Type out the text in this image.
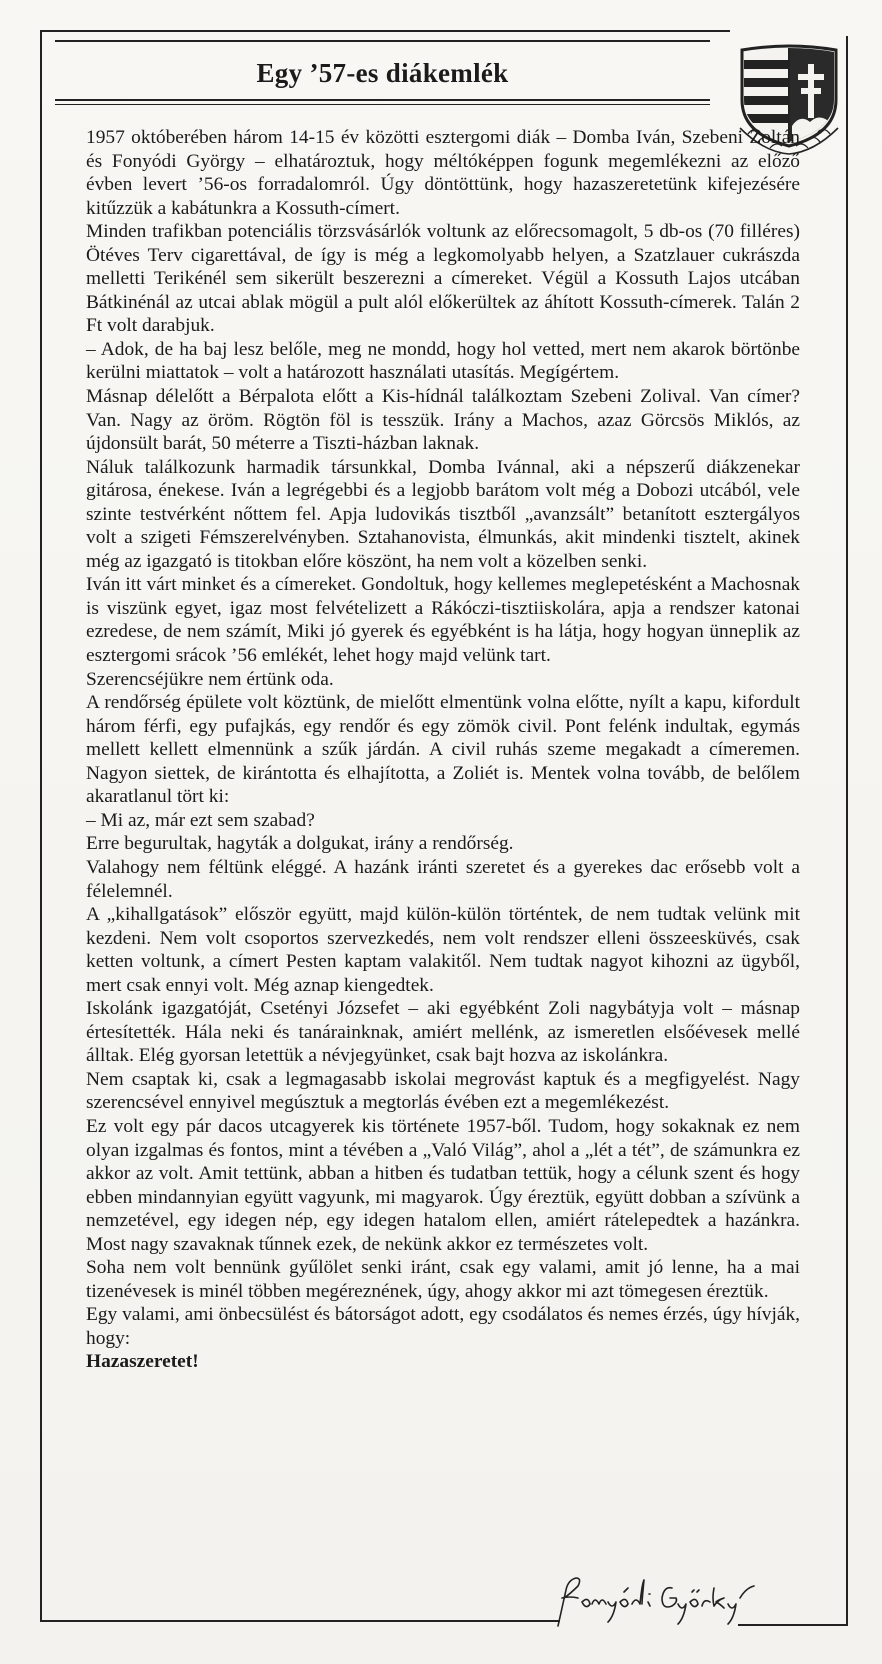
Egy ’57-es diákemlék

1957 októberében három 14-15 év közötti esztergomi diák – Domba Iván, Szebeni Zoltán és Fonyódi György – elhatároztuk, hogy méltóképpen fogunk megemlékezni az előző évben levert ’56-os forradalomról. Úgy döntöttünk, hogy hazaszeretetünk kifejezésére kitűzzük a kabátunkra a Kossuth-címert.

Minden trafikban potenciális törzsvásárlók voltunk az előrecsomagolt, 5 db-os (70 filléres) Ötéves Terv cigarettával, de így is még a legkomolyabb helyen, a Szatzlauer cukrászda melletti Terikénél sem sikerült beszerezni a címereket. Végül a Kossuth Lajos utcában Bátkinénál az utcai ablak mögül a pult alól előkerültek az áhított Kossuth-címerek. Talán 2 Ft volt darabjuk.

– Adok, de ha baj lesz belőle, meg ne mondd, hogy hol vetted, mert nem akarok börtönbe kerülni miattatok – volt a határozott használati utasítás. Megígértem.

Másnap délelőtt a Bérpalota előtt a Kis-hídnál találkoztam Szebeni Zolival. Van címer? Van. Nagy az öröm. Rögtön föl is tesszük. Irány a Machos, azaz Görcsös Miklós, az újdonsült barát, 50 méterre a Tiszti-házban laknak.

Náluk találkozunk harmadik társunkkal, Domba Ivánnal, aki a népszerű diákzenekar gitárosa, énekese. Iván a legrégebbi és a legjobb barátom volt még a Dobozi utcából, vele szinte testvérként nőttem fel. Apja ludovikás tisztből „avanzsált” betanított esztergályos volt a szigeti Fémszerelvényben. Sztahanovista, élmunkás, akit mindenki tisztelt, akinek még az igazgató is titokban előre köszönt, ha nem volt a közelben senki.

Iván itt várt minket és a címereket. Gondoltuk, hogy kellemes meglepetésként a Machosnak is viszünk egyet, igaz most felvételizett a Rákóczi-tisztiiskolára, apja a rendszer katonai ezredese, de nem számít, Miki jó gyerek és egyébként is ha látja, hogy hogyan ünneplik az esztergomi srácok ’56 emlékét, lehet hogy majd velünk tart.

Szerencséjükre nem értünk oda.

A rendőrség épülete volt köztünk, de mielőtt elmentünk volna előtte, nyílt a kapu, kifordult három férfi, egy pufajkás, egy rendőr és egy zömök civil. Pont felénk indultak, egymás mellett kellett elmennünk a szűk járdán. A civil ruhás szeme megakadt a címeremen. Nagyon siettek, de kirántotta és elhajította, a Zoliét is. Mentek volna tovább, de belőlem akaratlanul tört ki:

– Mi az, már ezt sem szabad?

Erre begurultak, hagyták a dolgukat, irány a rendőrség.

Valahogy nem féltünk eléggé. A hazánk iránti szeretet és a gyerekes dac erősebb volt a félelemnél.

A „kihallgatások” először együtt, majd külön-külön történtek, de nem tudtak velünk mit kezdeni. Nem volt csoportos szervezkedés, nem volt rendszer elleni összeesküvés, csak ketten voltunk, a címert Pesten kaptam valakitől. Nem tudtak nagyot kihozni az ügyből, mert csak ennyi volt. Még aznap kiengedtek.

Iskolánk igazgatóját, Csetényi Józsefet – aki egyébként Zoli nagybátyja volt – másnap értesítették. Hála neki és tanárainknak, amiért mellénk, az ismeretlen elsőévesek mellé álltak. Elég gyorsan letettük a névjegyünket, csak bajt hozva az iskolánkra.

Nem csaptak ki, csak a legmagasabb iskolai megrovást kaptuk és a megfigyelést. Nagy szerencsével ennyivel megúsztuk a megtorlás évében ezt a megemlékezést.

Ez volt egy pár dacos utcagyerek kis története 1957-ből. Tudom, hogy sokaknak ez nem olyan izgalmas és fontos, mint a tévében a „Való Világ”, ahol a „lét a tét”, de számunkra ez akkor az volt. Amit tettünk, abban a hitben és tudatban tettük, hogy a célunk szent és hogy ebben mindannyian együtt vagyunk, mi magyarok. Úgy éreztük, együtt dobban a szívünk a nemzetével, egy idegen nép, egy idegen hatalom ellen, amiért rátelepedtek a hazánkra. Most nagy szavaknak tűnnek ezek, de nekünk akkor ez természetes volt.

Soha nem volt bennünk gyűlölet senki iránt, csak egy valami, amit jó lenne, ha a mai tizenévesek is minél többen megéreznének, úgy, ahogy akkor mi azt tömegesen éreztük.

Egy valami, ami önbecsülést és bátorságot adott, egy csodálatos és nemes érzés, úgy hívják, hogy:

Hazaszeretet!
